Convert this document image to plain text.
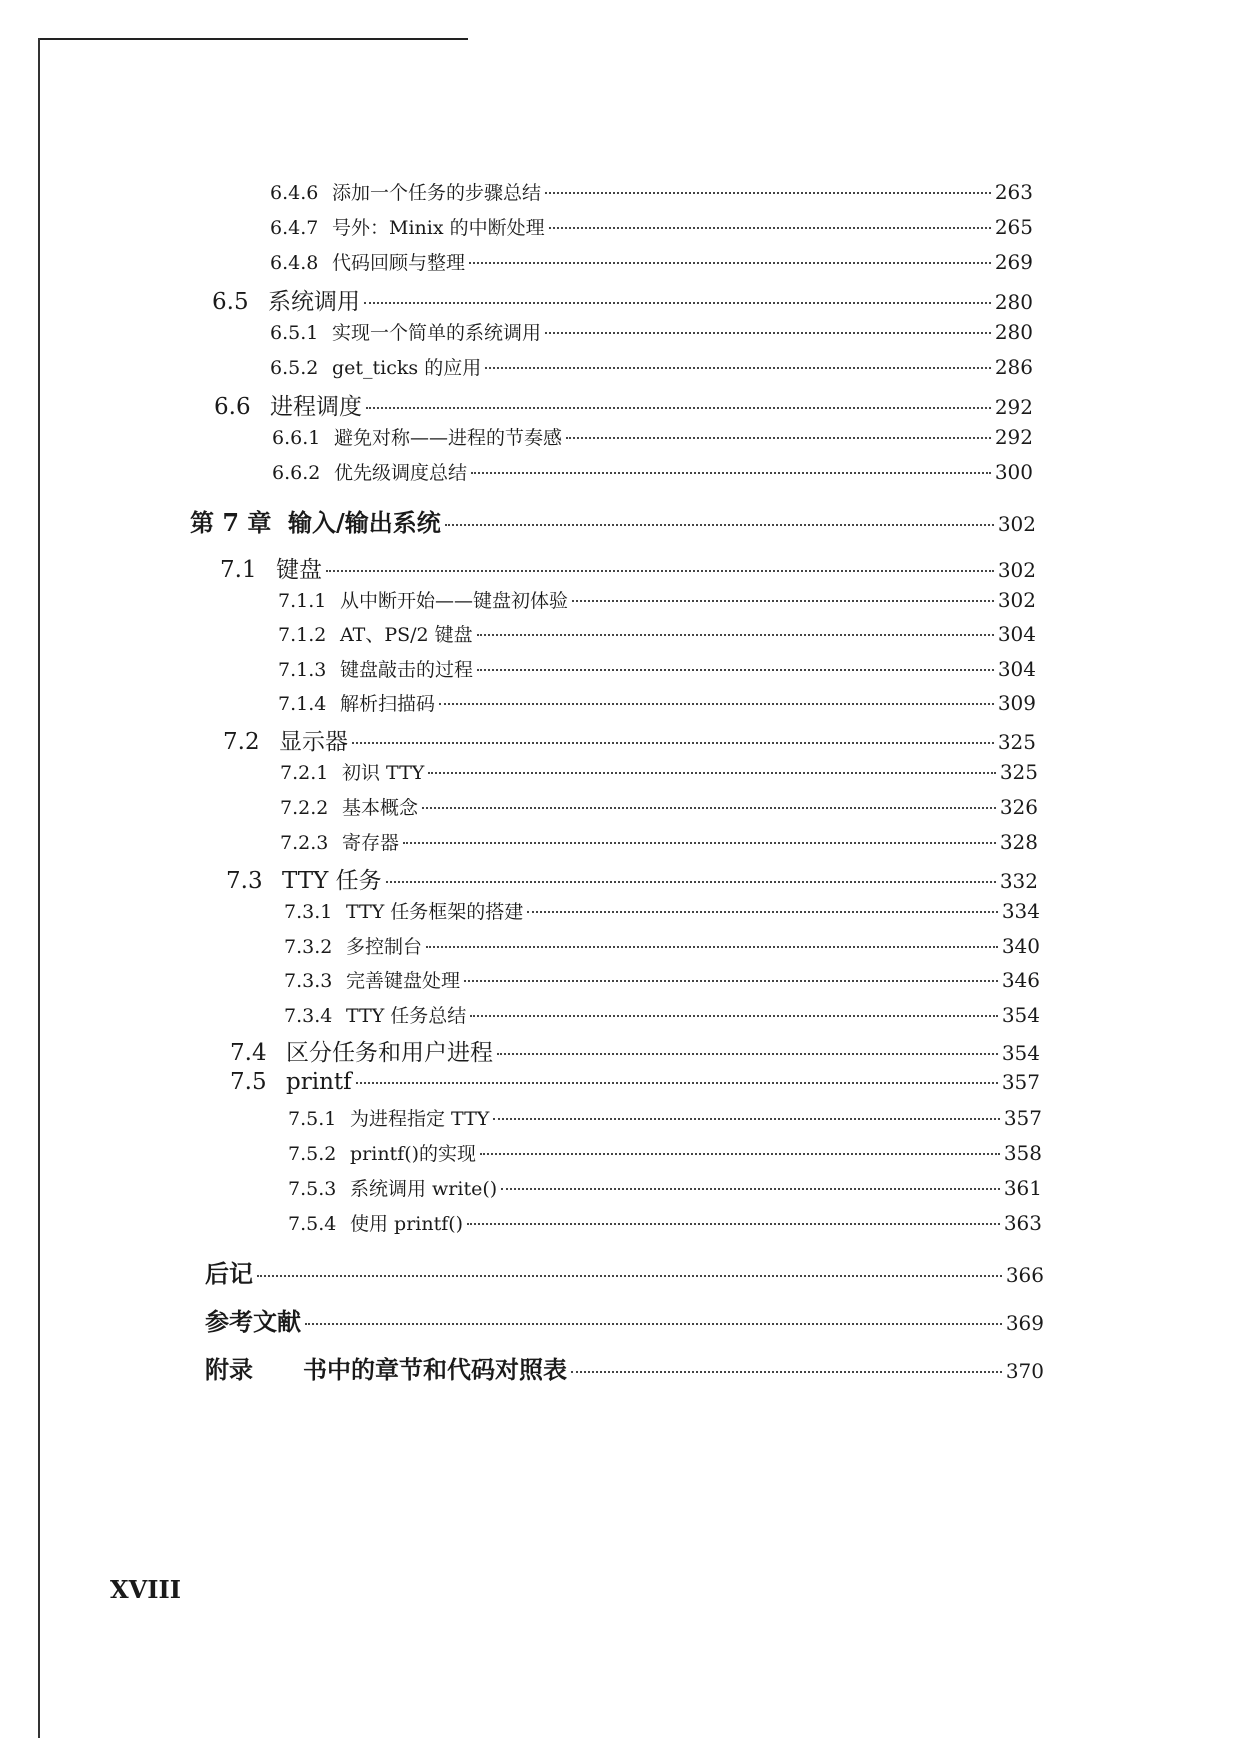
6.4.6 添加一个任务的步骤总结	263
6.4.7 号外：Minix 的中断处理	265
6.4.8 代码回顾与整理	269
6.5 系统调用	280
6.5.1 实现一个简单的系统调用	280
6.5.2 get_ticks 的应用	286
6.6 进程调度	292
6.6.1 避免对称——进程的节奏感	292
6.6.2 优先级调度总结	300
第 7 章 输入/输出系统	302
7.1 键盘	302
7.1.1 从中断开始——键盘初体验	302
7.1.2 AT、PS/2 键盘	304
7.1.3 键盘敲击的过程	304
7.1.4 解析扫描码	309
7.2 显示器	325
7.2.1 初识 TTY	325
7.2.2 基本概念	326
7.2.3 寄存器	328
7.3 TTY 任务	332
7.3.1 TTY 任务框架的搭建	334
7.3.2 多控制台	340
7.3.3 完善键盘处理	346
7.3.4 TTY 任务总结	354
7.4 区分任务和用户进程	354
7.5 printf	357
7.5.1 为进程指定 TTY	357
7.5.2 printf()的实现	358
7.5.3 系统调用 write()	361
7.5.4 使用 printf()	363
后记	366
参考文献	369
附录	书中的章节和代码对照表	370
XVIII
